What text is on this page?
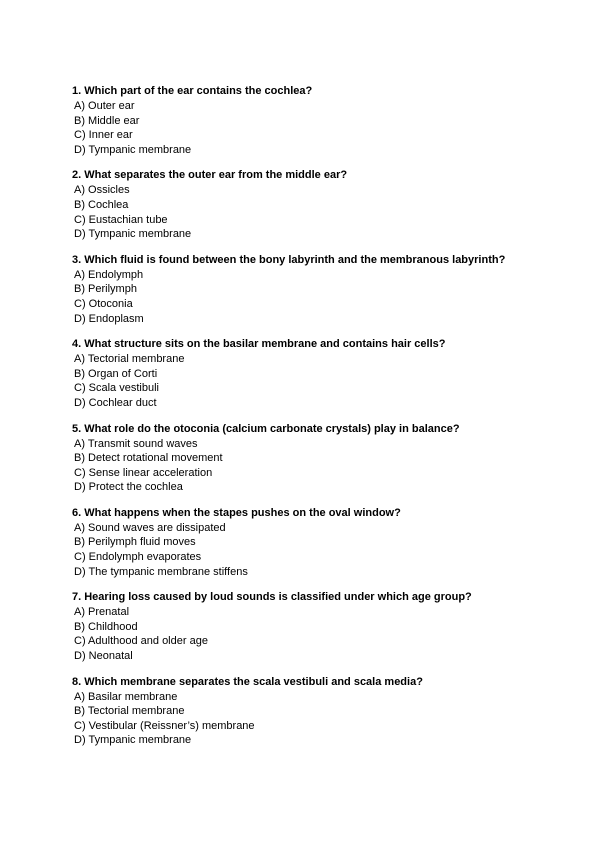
1. Which part of the ear contains the cochlea?
A) Outer ear
B) Middle ear
C) Inner ear
D) Tympanic membrane
2. What separates the outer ear from the middle ear?
A) Ossicles
B) Cochlea
C) Eustachian tube
D) Tympanic membrane
3. Which fluid is found between the bony labyrinth and the membranous labyrinth?
A) Endolymph
B) Perilymph
C) Otoconia
D) Endoplasm
4. What structure sits on the basilar membrane and contains hair cells?
A) Tectorial membrane
B) Organ of Corti
C) Scala vestibuli
D) Cochlear duct
5. What role do the otoconia (calcium carbonate crystals) play in balance?
A) Transmit sound waves
B) Detect rotational movement
C) Sense linear acceleration
D) Protect the cochlea
6. What happens when the stapes pushes on the oval window?
A) Sound waves are dissipated
B) Perilymph fluid moves
C) Endolymph evaporates
D) The tympanic membrane stiffens
7. Hearing loss caused by loud sounds is classified under which age group?
A) Prenatal
B) Childhood
C) Adulthood and older age
D) Neonatal
8. Which membrane separates the scala vestibuli and scala media?
A) Basilar membrane
B) Tectorial membrane
C) Vestibular (Reissner’s) membrane
D) Tympanic membrane
